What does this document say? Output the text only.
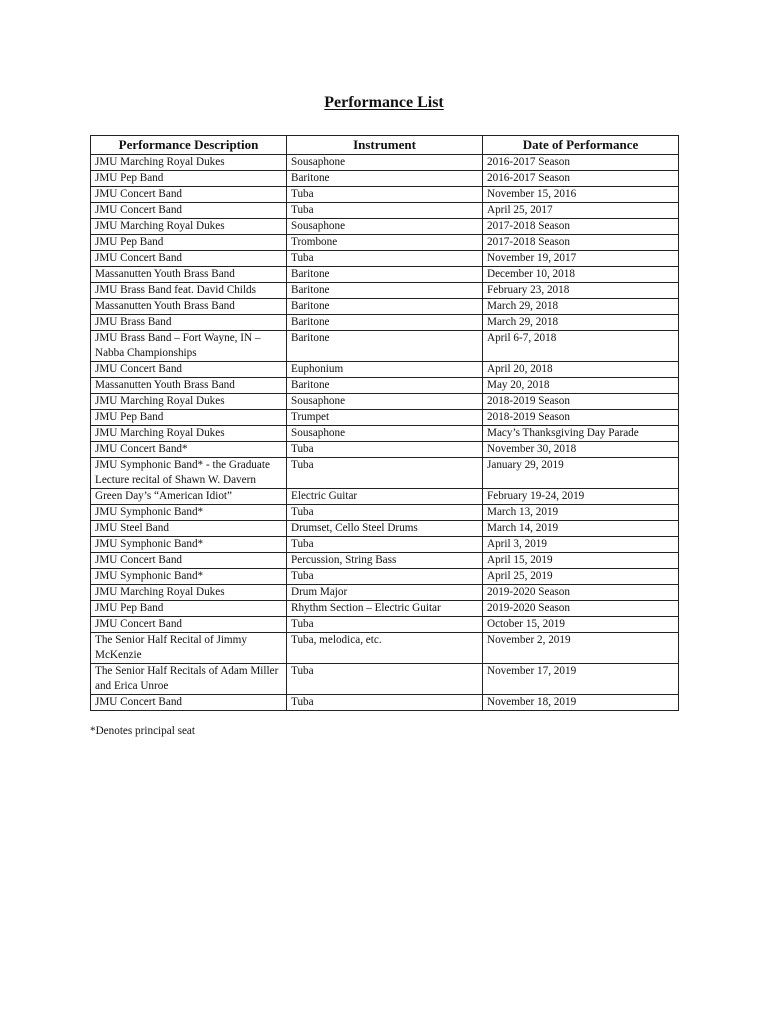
Performance List
Performance Description	Instrument	Date of Performance
JMU Marching Royal Dukes	Sousaphone	2016-2017 Season
JMU Pep Band	Baritone	2016-2017 Season
JMU Concert Band	Tuba	November 15, 2016
JMU Concert Band	Tuba	April 25, 2017
JMU Marching Royal Dukes	Sousaphone	2017-2018 Season
JMU Pep Band	Trombone	2017-2018 Season
JMU Concert Band	Tuba	November 19, 2017
Massanutten Youth Brass Band	Baritone	December 10, 2018
JMU Brass Band feat. David Childs	Baritone	February 23, 2018
Massanutten Youth Brass Band	Baritone	March 29, 2018
JMU Brass Band	Baritone	March 29, 2018
JMU Brass Band – Fort Wayne, IN – Nabba Championships	Baritone	April 6-7, 2018
JMU Concert Band	Euphonium	April 20, 2018
Massanutten Youth Brass Band	Baritone	May 20, 2018
JMU Marching Royal Dukes	Sousaphone	2018-2019 Season
JMU Pep Band	Trumpet	2018-2019 Season
JMU Marching Royal Dukes	Sousaphone	Macy’s Thanksgiving Day Parade
JMU Concert Band*	Tuba	November 30, 2018
JMU Symphonic Band* - the Graduate Lecture recital of Shawn W. Davern	Tuba	January 29, 2019
Green Day’s “American Idiot”	Electric Guitar	February 19-24, 2019
JMU Symphonic Band*	Tuba	March 13, 2019
JMU Steel Band	Drumset, Cello Steel Drums	March 14, 2019
JMU Symphonic Band*	Tuba	April 3, 2019
JMU Concert Band	Percussion, String Bass	April 15, 2019
JMU Symphonic Band*	Tuba	April 25, 2019
JMU Marching Royal Dukes	Drum Major	2019-2020 Season
JMU Pep Band	Rhythm Section – Electric Guitar	2019-2020 Season
JMU Concert Band	Tuba	October 15, 2019
The Senior Half Recital of Jimmy McKenzie	Tuba, melodica, etc.	November 2, 2019
The Senior Half Recitals of Adam Miller and Erica Unroe	Tuba	November 17, 2019
JMU Concert Band	Tuba	November 18, 2019
*Denotes principal seat
